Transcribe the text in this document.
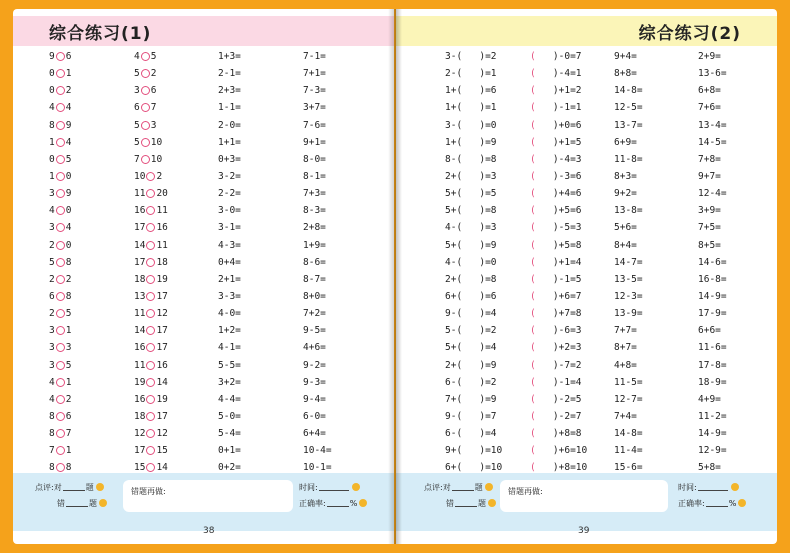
综合练习(1)
9 6	4 5	1+3=	7-1=
0 1	5 2	2-1=	7+1=
0 2	3 6	2+3=	7-3=
4 4	6 7	1-1=	3+7=
8 9	5 3	2-0=	7-6=
1 4	5 10	1+1=	9+1=
0 5	7 10	0+3=	8-0=
1 0	10 2	3-2=	8-1=
3 9	11 20	2-2=	7+3=
4 0	16 11	3-0=	8-3=
3 4	17 16	3-1=	2+8=
2 0	14 11	4-3=	1+9=
5 8	17 18	0+4=	8-6=
2 2	18 19	2+1=	8-7=
6 8	13 17	3-3=	8+0=
2 5	11 12	4-0=	7+2=
3 1	14 17	1+2=	9-5=
3 3	16 17	4-1=	4+6=
3 5	11 16	5-5=	9-2=
4 1	19 14	3+2=	9-3=
4 2	16 19	4-4=	9-4=
8 6	18 17	5-0=	6-0=
8 7	12 12	5-4=	6+4=
7 1	17 15	0+1=	10-4=
8 8	15 14	0+2=	10-1=
点评:对	题
错	题
错题再做:	时间:
正确率:	%
38
综合练习(2)
3-( )=2	( )-0=7	9+4=	2+9=
2-( )=1	( )-4=1	8+8=	13-6=
1+( )=6	( )+1=2	14-8=	6+8=
1+( )=1	( )-1=1	12-5=	7+6=
3-( )=0	( )+0=6	13-7=	13-4=
1+( )=9	( )+1=5	6+9=	14-5=
8-( )=8	( )-4=3	11-8=	7+8=
2+( )=3	( )-3=6	8+3=	9+7=
5+( )=5	( )+4=6	9+2=	12-4=
5+( )=8	( )+5=6	13-8=	3+9=
4-( )=3	( )-5=3	5+6=	7+5=
5+( )=9	( )+5=8	8+4=	8+5=
4-( )=0	( )+1=4	14-7=	14-6=
2+( )=8	( )-1=5	13-5=	16-8=
6+( )=6	( )+6=7	12-3=	14-9=
9-( )=4	( )+7=8	13-9=	17-9=
5-( )=2	( )-6=3	7+7=	6+6=
5+( )=4	( )+2=3	8+7=	11-6=
2+( )=9	( )-7=2	4+8=	17-8=
6-( )=2	( )-1=4	11-5=	18-9=
7+( )=9	( )-2=5	12-7=	4+9=
9-( )=7	( )-2=7	7+4=	11-2=
6-( )=4	( )+8=8	14-8=	14-9=
9+( )=10	( )+6=10	11-4=	12-9=
6+( )=10	( )+8=10	15-6=	5+8=
点评:对	题
错	题
错题再做:	时间:
正确率:	%
39
